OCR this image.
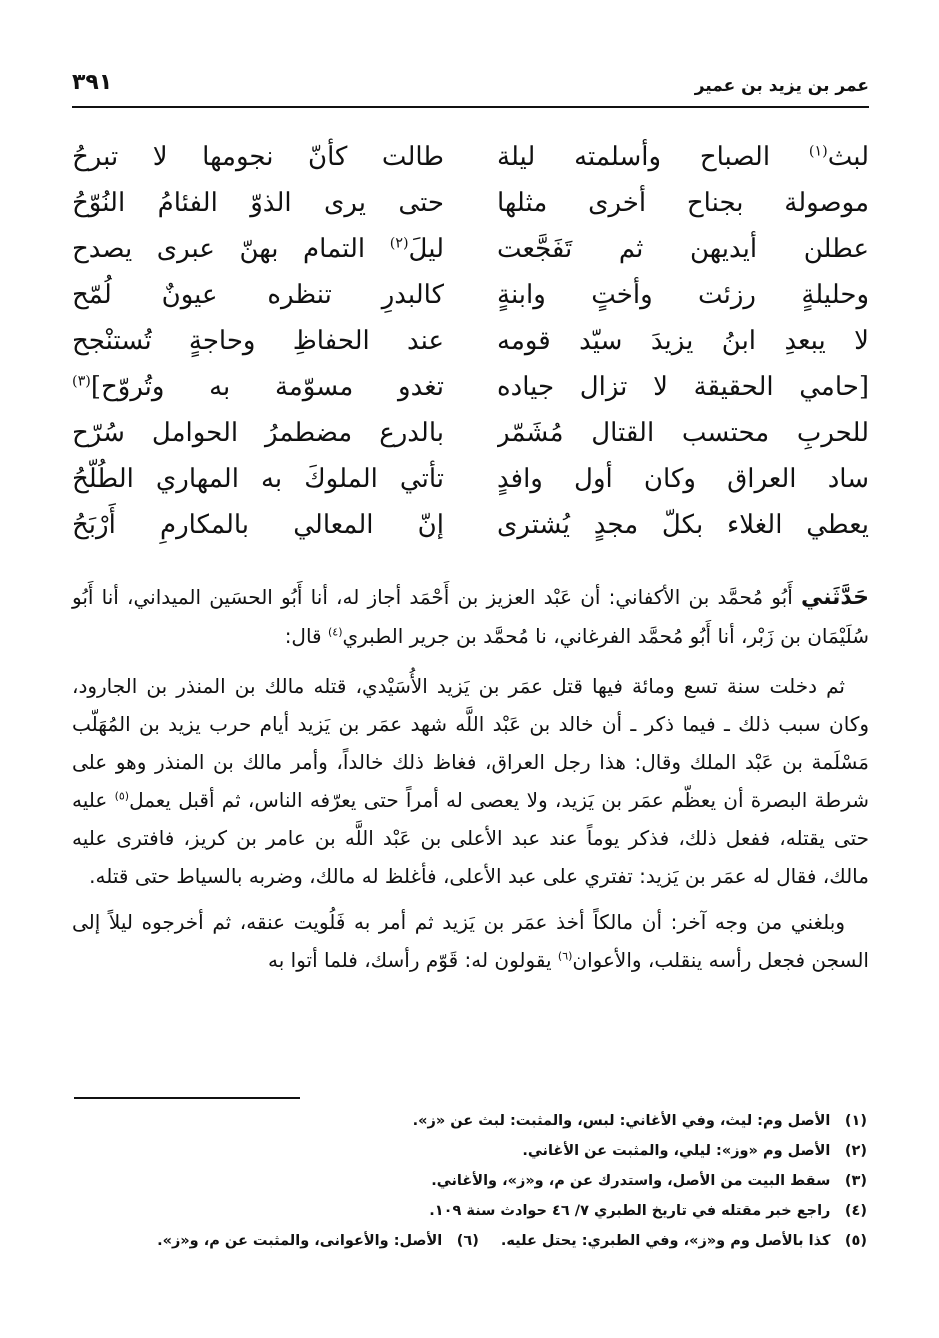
٣٩١	عمر بن يزيد بن عمير
لبث$^{(١)}$ الصباح وأسلمته ليلة
طالت كأنّ نجومها لا تبرحُ
موصولة بجناح أخرى مثلها
حتى يرى الذوّ الفئامُ النُوّحُ
عطلن أيديهن ثم تَفَجَّعت
ليلَ$^{(٢)}$ التمام بهنّ عبرى يصدح
وحليلةٍ رزئت وأختٍ وابنةٍ
كالبدرِ تنظره عيونٌ لُمّح
لا يبعدِ ابنُ يزيدَ سيّد قومه
عند الحفاظِ وحاجةٍ تُستنْجح
[حامي الحقيقة لا تزال جياده
تغدو مسوّمة به وتُروّح]$^{(٣)}$
للحربِ محتسب القتال مُشَمّر
بالدرع مضطمرُ الحوامل سُرّح
ساد العراق وكان أول وافدٍ
تأتي الملوكَ به المهاري الطُلّحُ
يعطي الغلاء بكلّ مجدٍ يُشترى
إنّ المعالي بالمكارمِ أَرْبَحُ

حَدَّثَني أَبُو مُحمَّد بن الأكفاني: أن عَبْد العزيز بن أَحْمَد أجاز له، أنا أَبُو الحسَين الميداني، أنا أَبُو سُلَيْمَان بن زَبْر، أنا أَبُو مُحمَّد الفرغاني، نا مُحمَّد بن جرير الطبري$^{(٤)}$ قال:

ثم دخلت سنة تسع ومائة فيها قتل عمَر بن يَزيد الأُسَيْدي، قتله مالك بن المنذر بن الجارود، وكان سبب ذلك ـ فيما ذكر ـ أن خالد بن عَبْد اللَّه شهد عمَر بن يَزيد أيام حرب يزيد بن المُهَلّب مَسْلَمة بن عَبْد الملك وقال: هذا رجل العراق، فغاظ ذلك خالداً، وأمر مالك بن المنذر وهو على شرطة البصرة أن يعظّم عمَر بن يَزيد، ولا يعصى له أمراً حتى يعرّفه الناس، ثم أقبل يعمل$^{(٥)}$ عليه حتى يقتله، ففعل ذلك، فذكر يوماً عند عبد الأعلى بن عَبْد اللَّه بن عامر بن كريز، فافترى عليه مالك، فقال له عمَر بن يَزيد: تفتري على عبد الأعلى، فأغلظ له مالك، وضربه بالسياط حتى قتله.

وبلغني من وجه آخر: أن مالكاً أخذ عمَر بن يَزيد ثم أمر به فَلُويت عنقه، ثم أخرجوه ليلاً إلى السجن فجعل رأسه ينقلب، والأعوان$^{(٦)}$ يقولون له: قَوّم رأسك، فلما أتوا به

(١) الأصل وم: ليث، وفي الأغاني: لبس، والمثبت: لبث عن «ز».
(٢) الأصل وم «وز»: ليلي، والمثبت عن الأغاني.
(٣) سقط البيت من الأصل، واستدرك عن م، و«ز»، والأغاني.
(٤) راجع خبر مقتله في تاريخ الطبري ٧/ ٤٦ حوادث سنة ١٠٩.
(٥) كذا بالأصل وم و«ز»، وفي الطبري: يحتل عليه.(٦) الأصل: والأعوانى، والمثبت عن م، و«ز».
